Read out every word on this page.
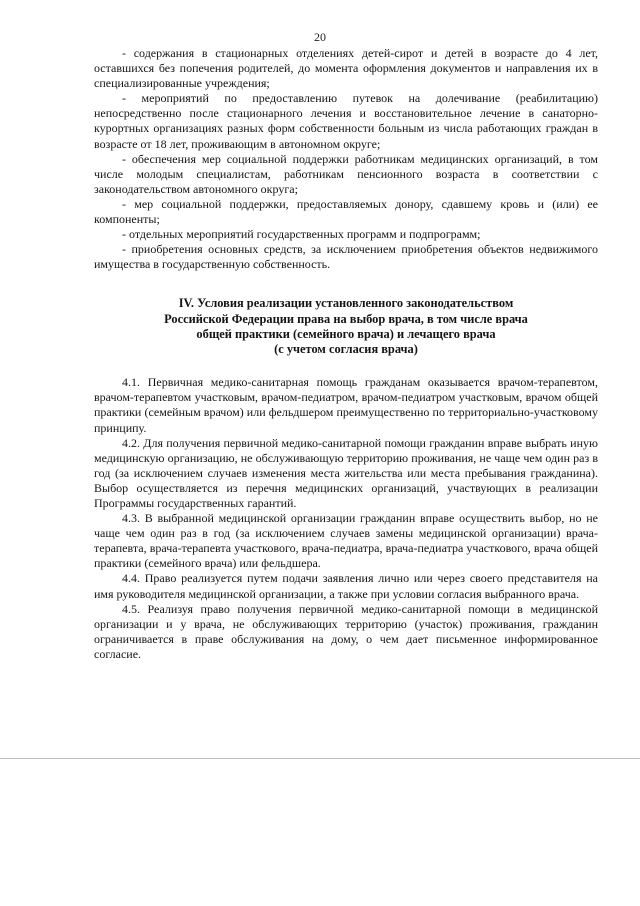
20

- содержания в стационарных отделениях детей-сирот и детей в возрасте до 4 лет, оставшихся без попечения родителей, до момента оформления документов и направления их в специализированные учреждения;

- мероприятий по предоставлению путевок на долечивание (реабилитацию) непосредственно после стационарного лечения и восстановительное лечение в санаторно-курортных организациях разных форм собственности больным из числа работающих граждан в возрасте от 18 лет, проживающим в автономном округе;

- обеспечения мер социальной поддержки работникам медицинских организаций, в том числе молодым специалистам, работникам пенсионного возраста в соответствии с законодательством автономного округа;

- мер социальной поддержки, предоставляемых донору, сдавшему кровь и (или) ее компоненты;

- отдельных мероприятий государственных программ и подпрограмм;

- приобретения основных средств, за исключением приобретения объектов недвижимого имущества в государственную собственность.

IV. Условия реализации установленного законодательством
Российской Федерации права на выбор врача, в том числе врача
общей практики (семейного врача) и лечащего врача
(с учетом согласия врача)

4.1. Первичная медико-санитарная помощь гражданам оказывается врачом-терапевтом, врачом-терапевтом участковым, врачом-педиатром, врачом-педиатром участковым, врачом общей практики (семейным врачом) или фельдшером преимущественно по территориально-участковому принципу.

4.2. Для получения первичной медико-санитарной помощи гражданин вправе выбрать иную медицинскую организацию, не обслуживающую территорию проживания, не чаще чем один раз в год (за исключением случаев изменения места жительства или места пребывания гражданина). Выбор осуществляется из перечня медицинских организаций, участвующих в реализации Программы государственных гарантий.

4.3. В выбранной медицинской организации гражданин вправе осуществить выбор, но не чаще чем один раз в год (за исключением случаев замены медицинской организации) врача-терапевта, врача-терапевта участкового, врача-педиатра, врача-педиатра участкового, врача общей практики (семейного врача) или фельдшера.

4.4. Право реализуется путем подачи заявления лично или через своего представителя на имя руководителя медицинской организации, а также при условии согласия выбранного врача.

4.5. Реализуя право получения первичной медико-санитарной помощи в медицинской организации и у врача, не обслуживающих территорию (участок) проживания, гражданин ограничивается в праве обслуживания на дому, о чем дает письменное информированное согласие.
